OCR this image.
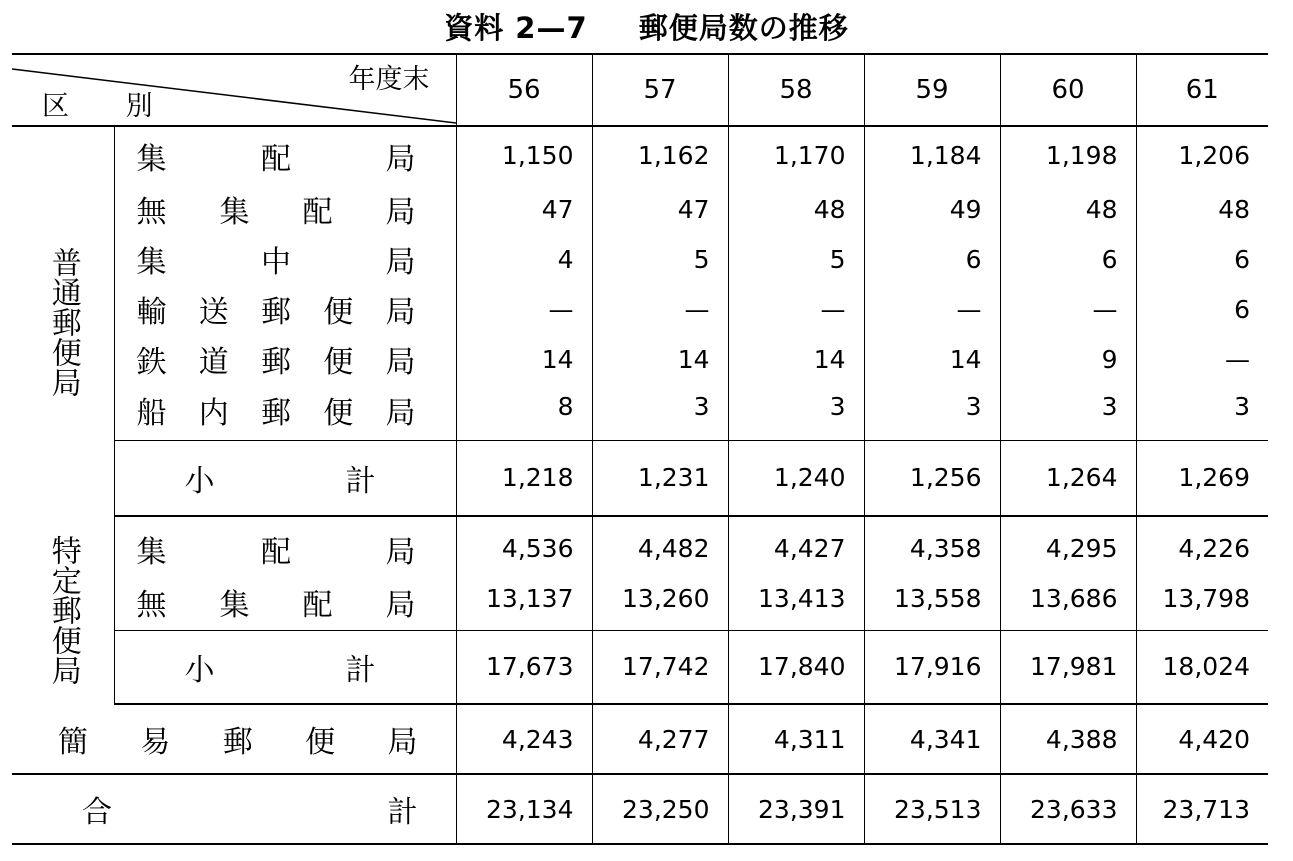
資料 2—7 郵便局数の推移
年度末
区 別		56	57	58	59	60	61
普通郵便局	集 配 局	1,150	1,162	1,170	1,184	1,198	1,206

	無 集 配 局	47	47	48	49	48	48

	集 中 局	4	5	5	6	6	6

	輸 送 郵 便 局	—	—	—	—	—	6

	鉄 道 郵 便 局	14	14	14	14	9	—

	船 内 郵 便 局	8	3	3	3	3	3

	小 計	1,218	1,231	1,240	1,256	1,264	1,269
特定郵便局	集 配 局	4,536	4,482	4,427	4,358	4,295	4,226

	無 集 配 局	13,137	13,260	13,413	13,558	13,686	13,798

	小 計	17,673	17,742	17,840	17,916	17,981	18,024

簡 易 郵 便 局		4,243	4,277	4,311	4,341	4,388	4,420

合 計		23,134	23,250	23,391	23,513	23,633	23,713
